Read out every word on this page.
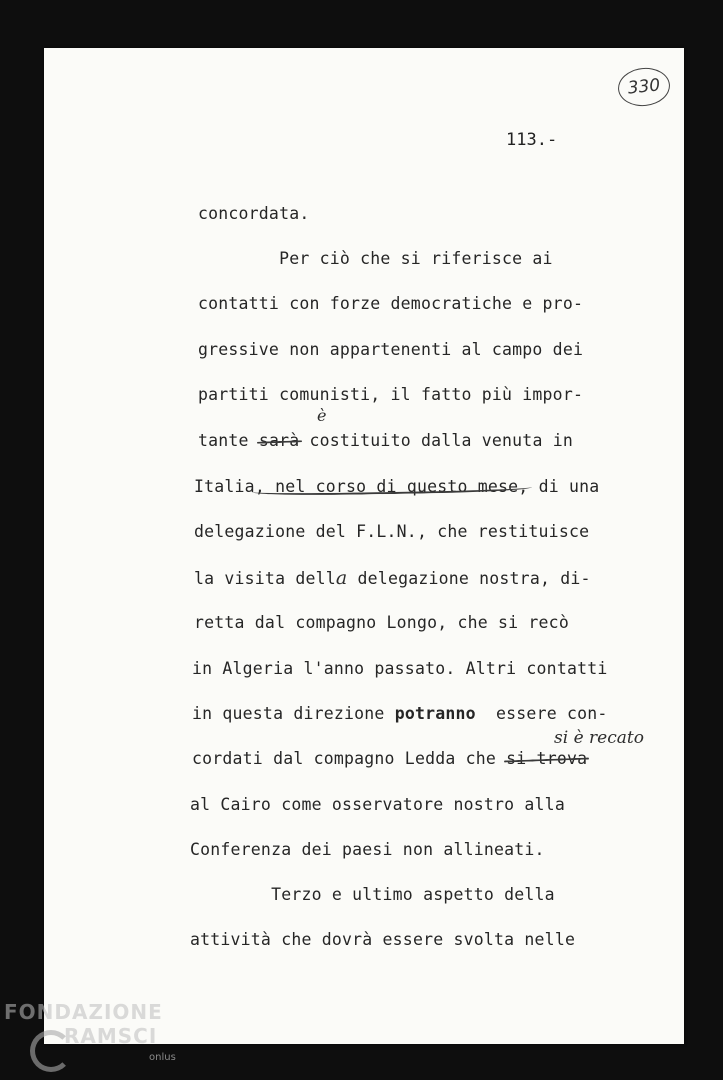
330
113.-
concordata.
Per ciò che si riferisce ai
contatti con forze democratiche e pro-
gressive non appartenenti al campo dei
partiti comunisti, il fatto più impor-
tante sarà costituito dalla venuta in
è
Italia, nel corso di questo mese, di una
delegazione del F.L.N., che restituisce
la visita della delegazione nostra, di-
retta dal compagno Longo, che si recò
in Algeria l'anno passato. Altri contatti
in questa direzione potranno  essere con-
cordati dal compagno Ledda che si trova
si è recato
al Cairo come osservatore nostro alla
Conferenza dei paesi non allineati.
Terzo e ultimo aspetto della
attività che dovrà essere svolta nelle
FONDAZIONE
RAMSCI
onlus
